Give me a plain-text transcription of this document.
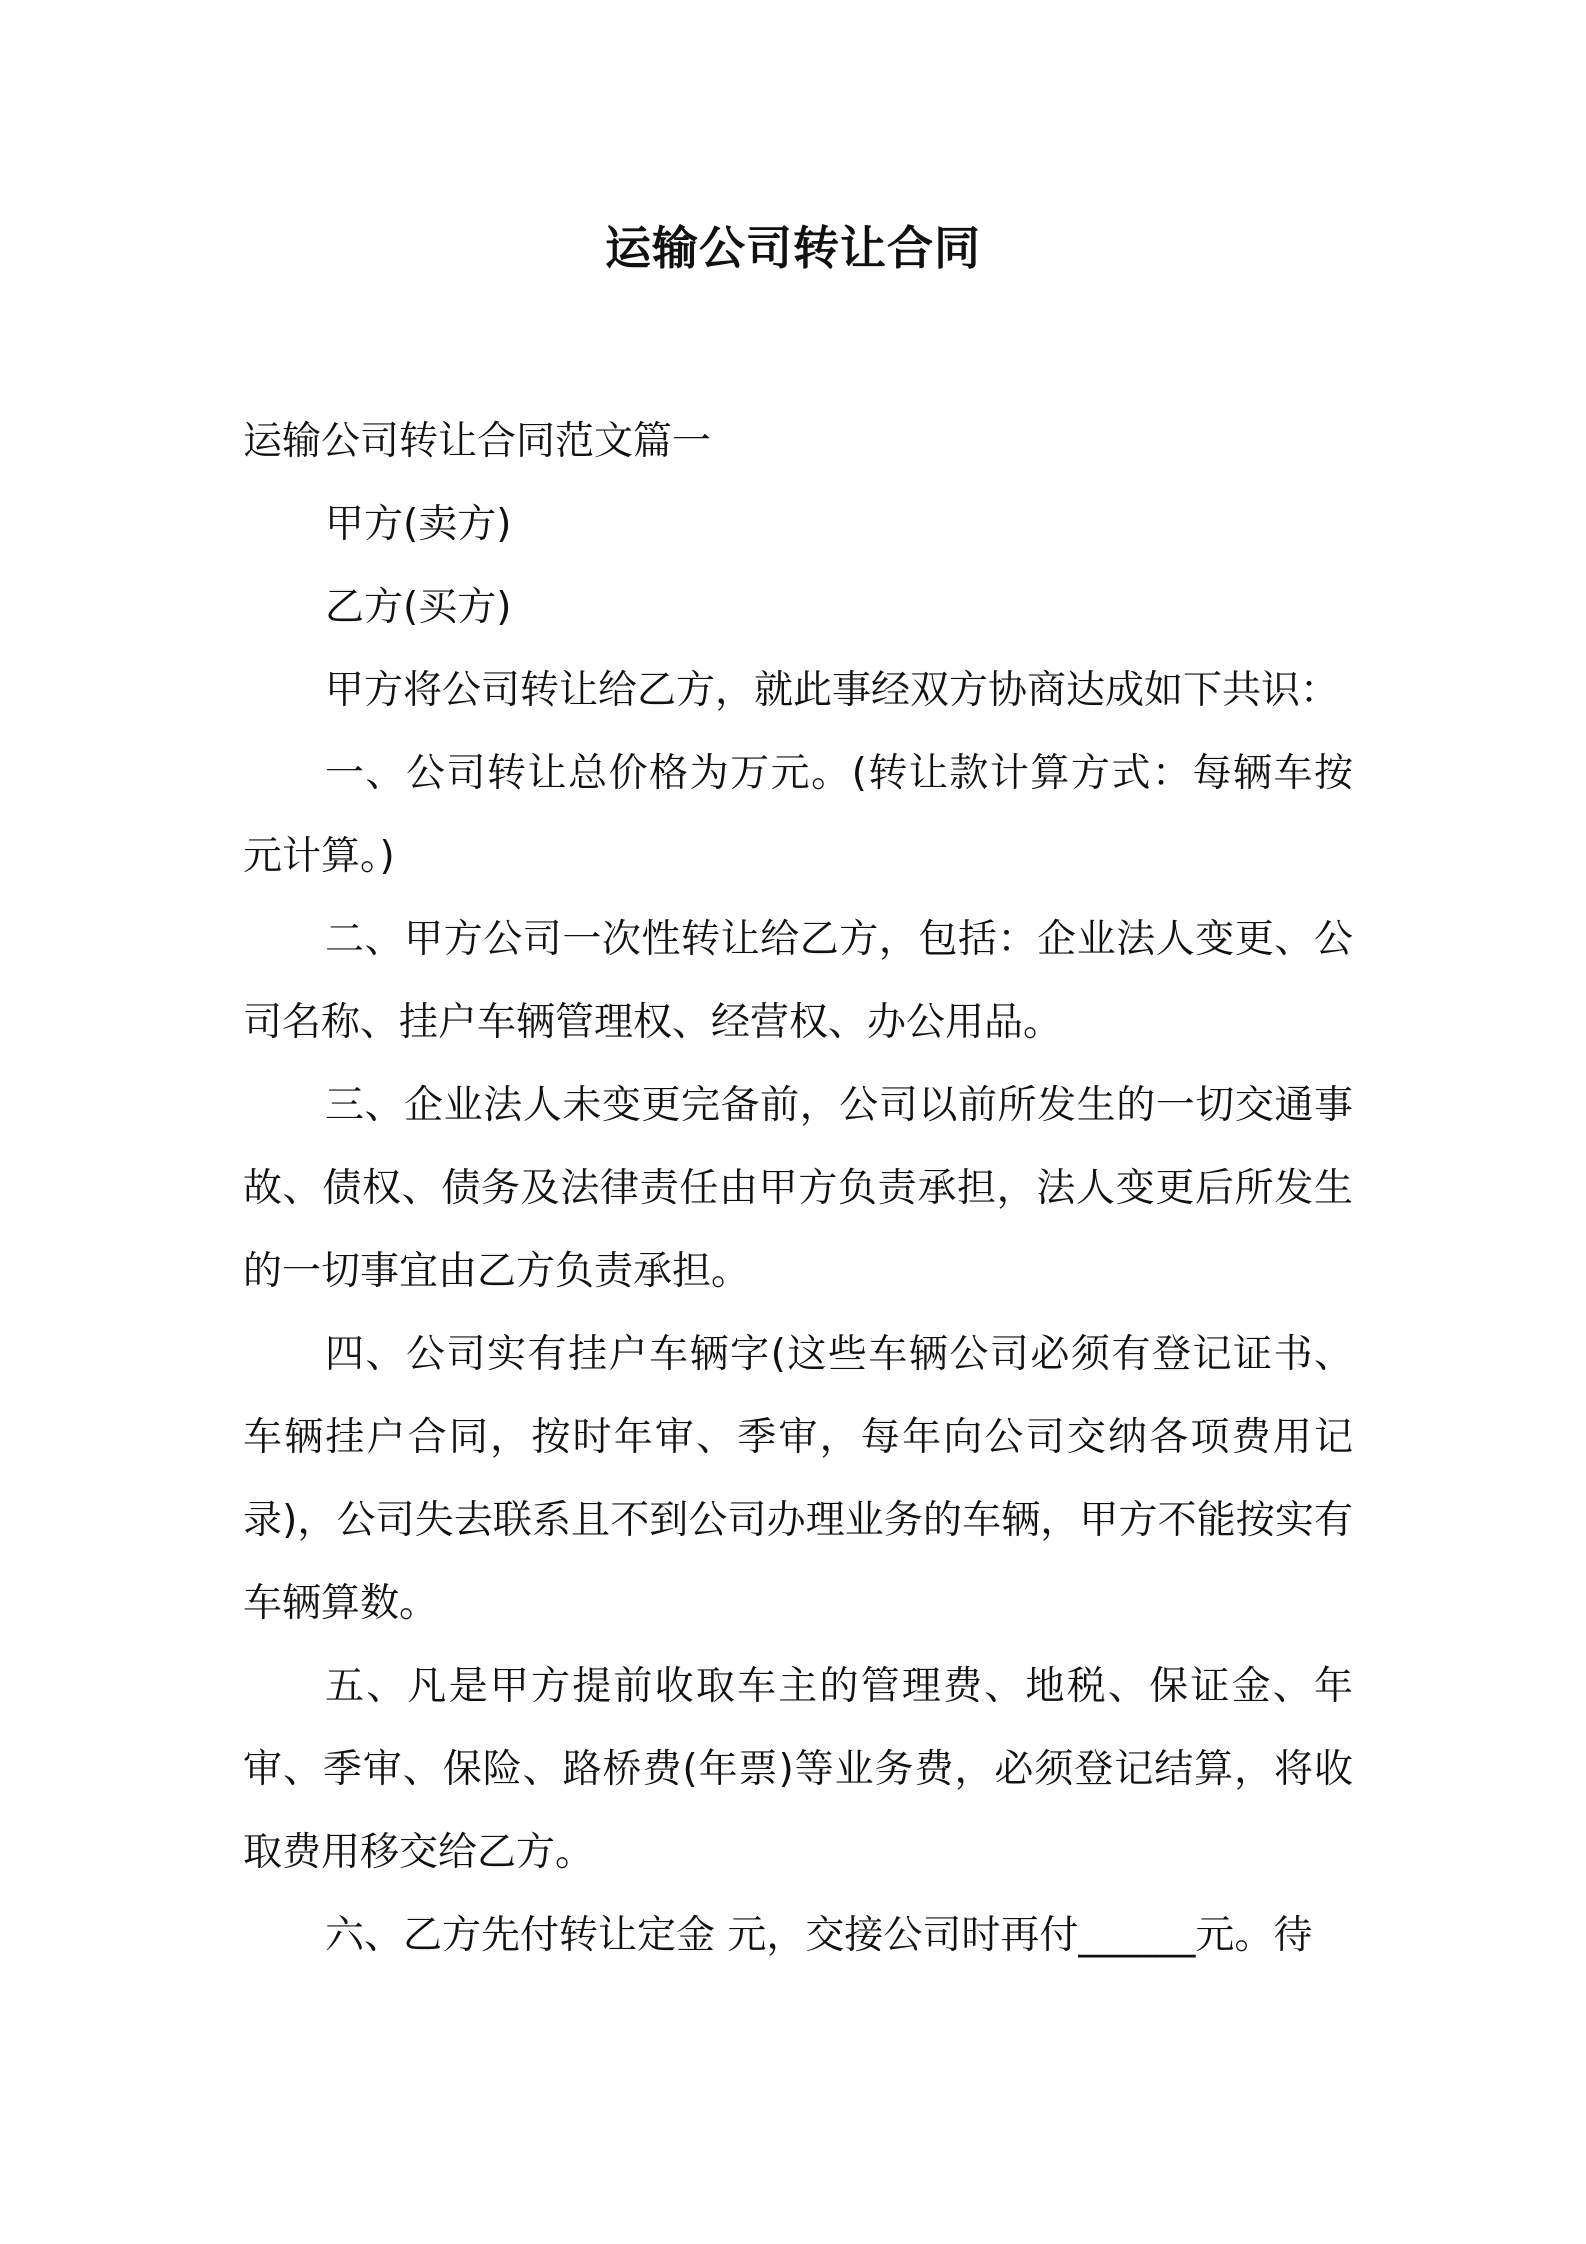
运输公司转让合同

运输公司转让合同范文篇一

甲方(卖方)

乙方(买方)

甲方将公司转让给乙方，就此事经双方协商达成如下共识：

一、公司转让总价格为万元。(转让款计算方式：每辆车按 元计算。)

二、甲方公司一次性转让给乙方，包括：企业法人变更、公司名称、挂户车辆管理权、经营权、办公用品。

三、企业法人未变更完备前，公司以前所发生的一切交通事故、债权、债务及法律责任由甲方负责承担，法人变更后所发生的一切事宜由乙方负责承担。

四、公司实有挂户车辆字(这些车辆公司必须有登记证书、车辆挂户合同，按时年审、季审，每年向公司交纳各项费用记录)，公司失去联系且不到公司办理业务的车辆，甲方不能按实有车辆算数。

五、凡是甲方提前收取车主的管理费、地税、保证金、年审、季审、保险、路桥费(年票)等业务费，必须登记结算，将收取费用移交给乙方。

六、乙方先付转让定金 元，交接公司时再付______元。待
